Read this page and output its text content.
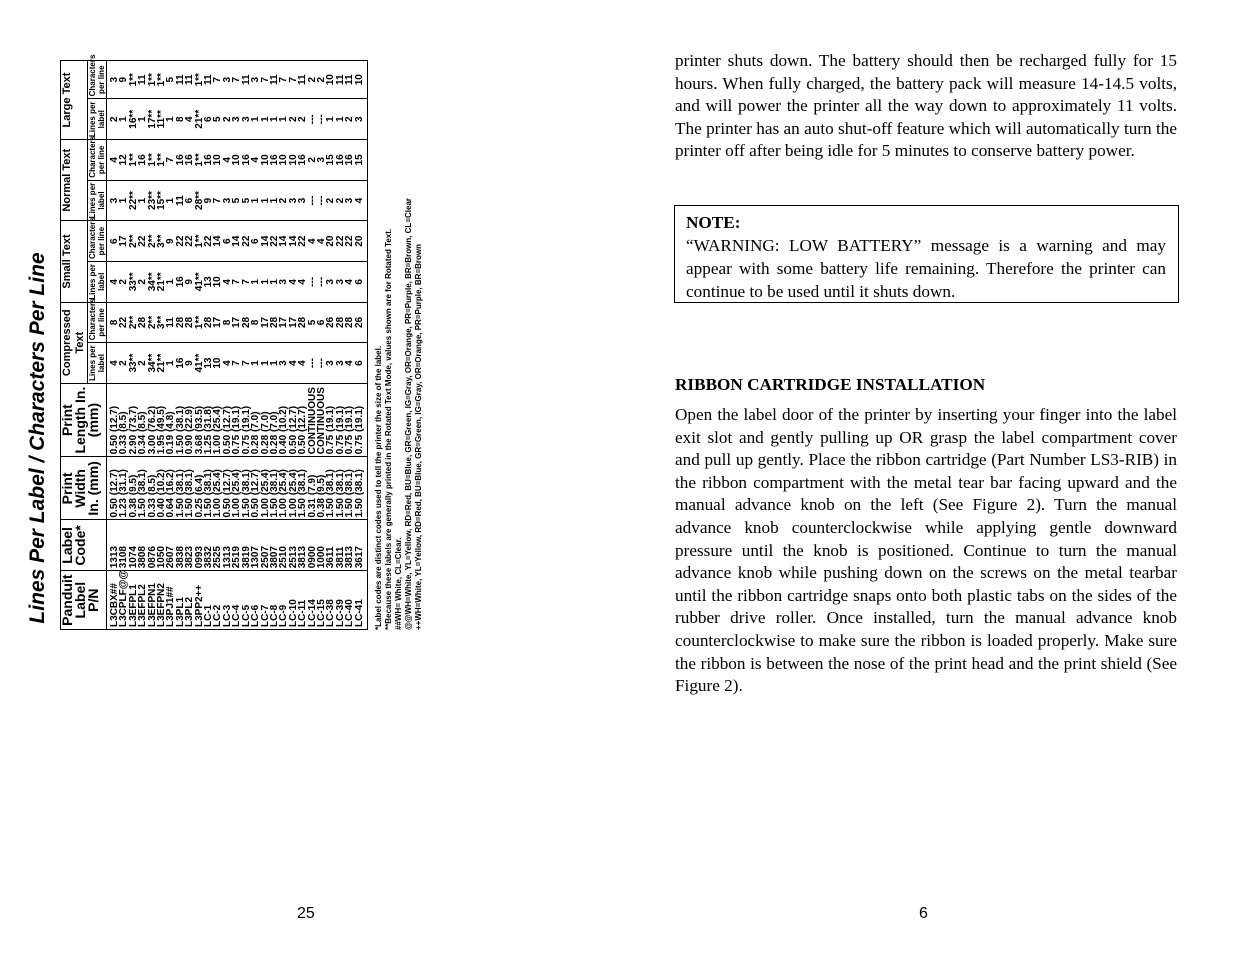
Lines Per Label / Characters Per Line Panduit Label P/N	Label Code*	Print Width In. (mm)	Print Length In. (mm)	Compressed Text		Small Text		Normal Text		Large Text	
				Lines per label	Characters per line	Lines per label	Characters per line	Lines per label	Characters per line	Lines per label	Characters per line
L3CBX##	1313	0.50 (12.7)	0.50 (12.7)	4	8	4	6	3	4	2	3
L3CPLF@@	3108	1.23 (31.1)	0.33 (8.5)	2	22	2	17	1	12	1	9
L3EFPL1	1074	0.38 (9.5)	2.90 (73.7)	33**	2**	33**	2**	22**	1**	16**	1**
L3EFPL2	3808	1.50 (38.1)	0.34 (8.5)	2	28	2	22	1	16	1	11
L3EFPN1	0876	0.33 (8.5)	3.00 (76.2)	34**	2**	34**	2**	23**	1**	17**	1**
L3EFPN2	1050	0.40 (10.2)	1.95 (49.5)	21**	3**	21**	3**	15**	1**	11**	1**
L3PJ1##	2607	0.64 (16.2)	0.19 (4.8)	1	11	1	9	1	7	1	5
L3PL1	3838	1.50 (38.1)	1.50 (38.1)	16	28	16	22	11	16	8	11
L3PL2	3823	1.50 (38.1)	0.90 (22.9)	9	28	9	22	6	16	4	11
L3PP2++	0993	0.25 (6.4)	3.68 (93.5)	41**	1**	41**	1**	28**	1**	21**	1**
LC-1	3832	1.50 (38.1)	1.25 (31.8)	13	28	13	22	9	16	6	11
LC-2	2525	1.00 (25.4)	1.00 (25.4)	10	17	10	14	7	10	5	7
LC-3	1313	0.50 (12.7)	0.50 (12.7)	4	8	4	6	3	4	2	3
LC-4	2519	1.00 (25.4)	0.75 (19.1)	7	17	7	14	5	10	3	7
LC-5	3819	1.50 (38.1)	0.75 (19.1)	7	28	7	22	5	16	3	11
LC-6	1307	0.50 (12.7)	0.28 (7.0)	1	8	1	6	1	4	1	3
LC-7	2507	1.00 (25.4)	0.28 (7.0)	1	17	1	14	1	10	1	7
LC-8	3807	1.50 (38.1)	0.28 (7.0)	1	28	1	22	1	16	1	11
LC-9	2510	1.00 (25.4)	0.40 (10.2)	3	17	3	14	2	10	1	7
LC-10	2513	1.00 (25.4)	0.50 (12.7)	4	17	4	14	3	10	2	7
LC-11	3813	1.50 (38.1)	0.50 (12.7)	4	28	4	22	3	16	2	11
LC-14	0900	0.31 (7.9)	CONTINUOUS	---	5	---	4	---	2	---	2
LC-15	1000	0.38 (9.5)	CONTINUOUS	---	6	---	4	---	3	---	2
LC-38	3611	1.50 (38.1)	0.75 (19.1)	3	26	3	20	2	15	1	10
LC-39	3811	1.50 (38.1)	0.75 (19.1)	3	28	3	22	2	16	1	11
LC-40	3813	1.50 (38.1)	0.75 (19.1)	4	28	4	22	3	16	2	11
LC-41	3617	1.50 (38.1)	0.75 (19.1)	6	26	6	20	4	15	3	10
*Label codes are distinct codes used to tell the printer the size of the label. **Because these labels are generally printed in the Rotated Text Mode, values shown are for Rotated Text. ##WH= White, CL=Clear. @@WH=White, YL=Yellow, RD=Red, BU=Blue, GR=Green, IG=Gray, OR=Orange, PR=Purple, BR=Brown, CL=Clear ++WH=White, YL=Yellow, RD=Red, BU=Blue, GR=Green, IG=Gray, OR=Orange, PR=Purple, BR=Brown
25

printer shuts down. The battery should then be recharged fully for 15 hours. When fully charged, the battery pack will measure 14-14.5 volts, and will power the printer all the way down to approximately 11 volts. The printer has an auto shut-off feature which will automatically turn the printer off after being idle for 5 minutes to conserve battery power.

NOTE:
“WARNING: LOW BATTERY” message is a warning and may appear with some battery life remaining. Therefore the printer can continue to be used until it shuts down.
RIBBON CARTRIDGE INSTALLATION

Open the label door of the printer by inserting your finger into the label exit slot and gently pulling up OR grasp the label compartment cover and pull up gently. Place the ribbon cartridge (Part Number LS3-RIB) in the ribbon compartment with the metal tear bar facing upward and the manual advance knob on the left (See Figure 2). Turn the manual advance knob counterclockwise while applying gentle downward pressure until the knob is positioned. Continue to turn the manual advance knob while pushing down on the screws on the metal tearbar until the ribbon cartridge snaps onto both plastic tabs on the sides of the rubber drive roller. Once installed, turn the manual advance knob counterclockwise to make sure the ribbon is loaded properly. Make sure the ribbon is between the nose of the print head and the print shield (See Figure 2).

6
